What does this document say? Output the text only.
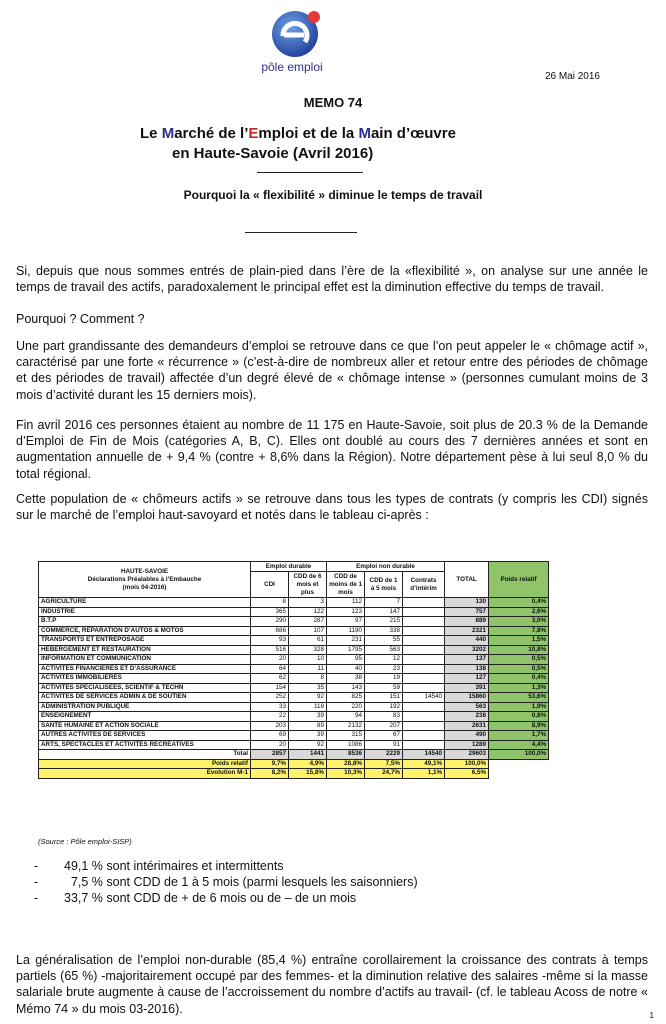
pôle emploi
26 Mai 2016
MEMO 74
Le Marché de l’Emploi et de la Main d’œuvre
en Haute-Savoie (Avril 2016)
Pourquoi la « flexibilité » diminue le temps de travail
Si, depuis que nous sommes entrés de plain-pied dans l’ère de la «flexibilité », on analyse sur une année le temps de travail des actifs, paradoxalement le principal effet est la diminution effective du temps de travail.
Pourquoi ? Comment ?
Une part grandissante des demandeurs d’emploi se retrouve dans ce que l’on peut appeler le « chômage actif », caractérisé par une forte « récurrence » (c’est-à-dire de nombreux aller et retour entre des périodes de chômage et des périodes de travail) affectée d’un degré élevé de « chômage intense » (personnes cumulant moins de 3 mois d’activité durant les 15 derniers mois).
Fin avril 2016 ces personnes étaient au nombre de 11 175 en Haute-Savoie, soit plus de 20.3 % de la Demande d’Emploi de Fin de Mois (catégories A, B, C). Elles ont doublé au cours des 7 dernières années et sont en augmentation annuelle de + 9,4 % (contre + 8,6% dans la Région). Notre département pèse à lui seul 8,0 % du total régional.
Cette population de « chômeurs actifs » se retrouve dans tous les types de contrats (y compris les CDI) signés sur le marché de l’emploi haut-savoyard et notés dans le tableau ci-après :
HAUTE-SAVOIE
Déclarations Préalables à l’Embauche
(mois 04-2016)	Emploi durable		Emploi non durable			TOTAL	Poids relatif
	CDI	CDD de 6 mois et plus	CDD de moins de 1 mois	CDD de 1 à 5 mois	Contrats d’intérim		
AGRICULTURE	8	3	112	7		130	0,4%
INDUSTRIE	365	122	123	147		757	2,6%
B.T.P	290	287	97	215		889	3,0%
COMMERCE, REPARATION D’AUTOS & MOTOS	686	107	1190	338		2321	7,8%
TRANSPORTS ET ENTREPOSAGE	93	61	231	55		440	1,5%
HEBERGEMENT ET RESTAURATION	516	328	1795	563		3202	10,8%
INFORMATION ET COMMUNICATION	20	10	95	12		137	0,5%
ACTIVITES FINANCIERES ET D’ASSURANCE	64	11	40	23		138	0,5%
ACTIVITES IMMOBILIERES	62	8	38	19		127	0,4%
ACTIVITES SPECIALISEES, SCIENTIF & TECHN	154	35	143	59		391	1,3%
ACTIVITES DE SERVICES ADMIN & DE SOUTIEN	252	92	825	151	14540	15860	53,6%
ADMINISTRATION PUBLIQUE	33	118	220	192		563	1,9%
ENSEIGNEMENT	22	39	94	83		238	0,8%
SANTE HUMAINE ET ACTION SOCIALE	203	89	2132	207		2631	8,9%
AUTRES ACTIVITES DE SERVICES	69	39	315	67		490	1,7%
ARTS, SPECTACLES ET ACTIVITES RECREATIVES	20	92	1086	91		1289	4,4%
Total	2857	1441	8536	2229	14540	29603	100,0%
Poids relatif	9,7%	4,9%	28,8%	7,5%	49,1%	100,0%	
Evolution M-1	8,2%	15,8%	10,3%	24,7%	1,1%	6,5%	
(Source : Pôle emploi-SISP)
-	49,1 % sont intérimaires et intermittents
-	7,5 % sont CDD de 1 à 5 mois (parmi lesquels les saisonniers)
-	33,7 % sont CDD de + de 6 mois ou de – de un mois
La généralisation de l’emploi non-durable (85,4 %) entraîne corollairement la croissance des contrats à temps partiels (65 %) -majoritairement occupé par des femmes- et la diminution relative des salaires -même si la masse salariale brute augmente à cause de l’accroissement du nombre d’actifs au travail- (cf. le tableau Acoss de notre « Mémo 74 » du mois 03-2016).	1
